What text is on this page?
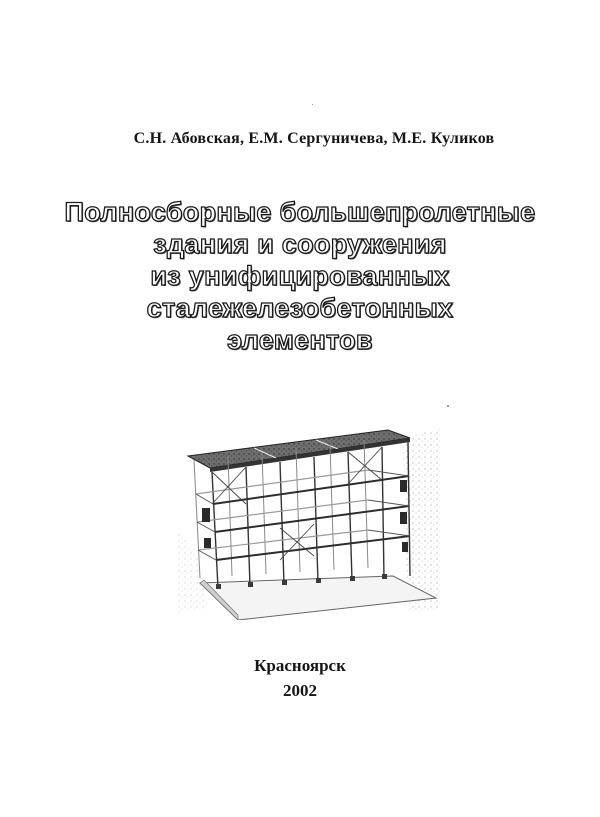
С.Н. Абовская, Е.М. Сергуничева, М.Е. Куликов
Полносборные большепролетные
здания и сооружения
из унифицированных
сталежелезобетонных
элементов
Красноярск
2002
